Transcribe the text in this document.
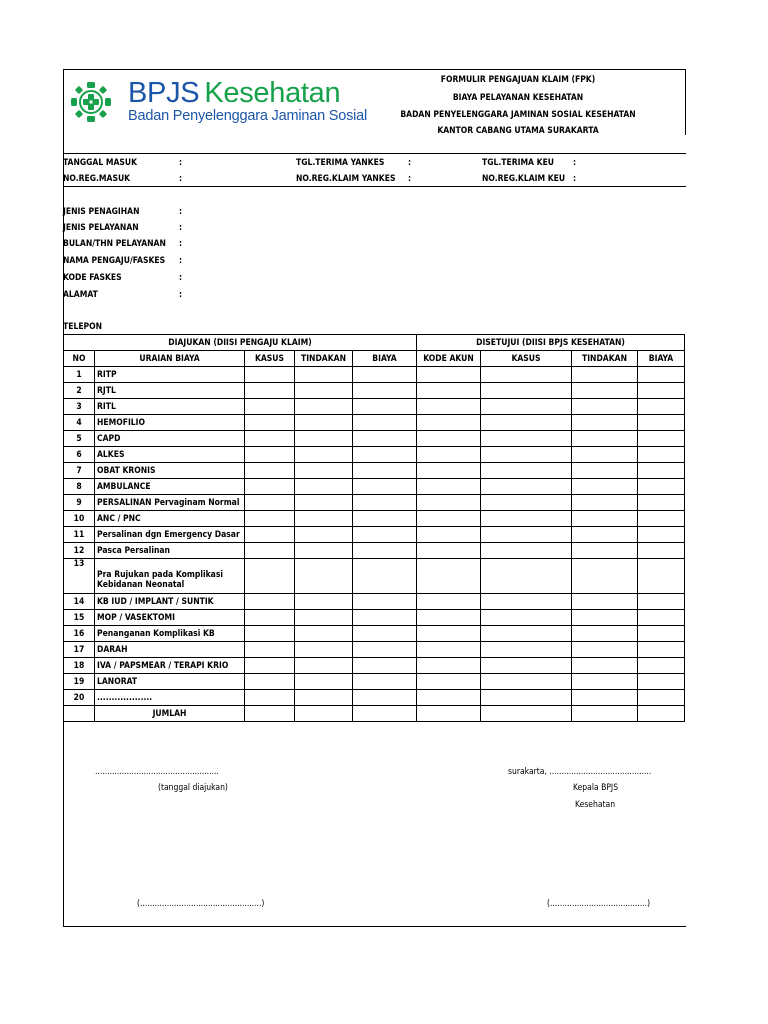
BPJS Kesehatan
Badan Penyelenggara Jaminan Sosial
FORMULIR PENGAJUAN KLAIM (FPK)
BIAYA PELAYANAN KESEHATAN
BADAN PENYELENGGARA JAMINAN SOSIAL KESEHATAN
KANTOR CABANG UTAMA SURAKARTA
TANGGAL MASUK	:	TGL.TERIMA YANKES	:	TGL.TERIMA KEU :
NO.REG.MASUK	:	NO.REG.KLAIM YANKES :	NO.REG.KLAIM KEU :
JENIS PENAGIHAN	:
JENIS PELAYANAN	:
BULAN/THN PELAYANAN :
NAMA PENGAJU/FASKES :
KODE FASKES	:
ALAMAT	:
TELEPON
DIAJUKAN (DIISI PENGAJU KLAIM)					DISETUJUI (DIISI BPJS KESEHATAN)			
NO	URAIAN BIAYA	KASUS	TINDAKAN	BIAYA	KODE AKUN	KASUS	TINDAKAN	BIAYA
1	RITP							
2	RJTL							
3	RITL							
4	HEMOFILIO							
5	CAPD							
6	ALKES							
7	OBAT KRONIS							
8	AMBULANCE							
9	PERSALINAN Pervaginam Normal							
10	ANC / PNC							
11	Persalinan dgn Emergency Dasar							
12	Pasca Persalinan							
13	Pra Rujukan pada Komplikasi
Kebidanan Neonatal							

14	KB IUD / IMPLANT / SUNTIK							
15	MOP / VASEKTOMI							
16	Penanganan Komplikasi KB							
17	DARAH							
18	IVA / PAPSMEAR / TERAPI KRIO							
19	LANORAT							
20	...................							
	JUMLAH							
...................................................
(tanggal diajukan)
surakarta, ..........................................
Kepala BPJS
Kesehatan
(..................................................)	(........................................)
